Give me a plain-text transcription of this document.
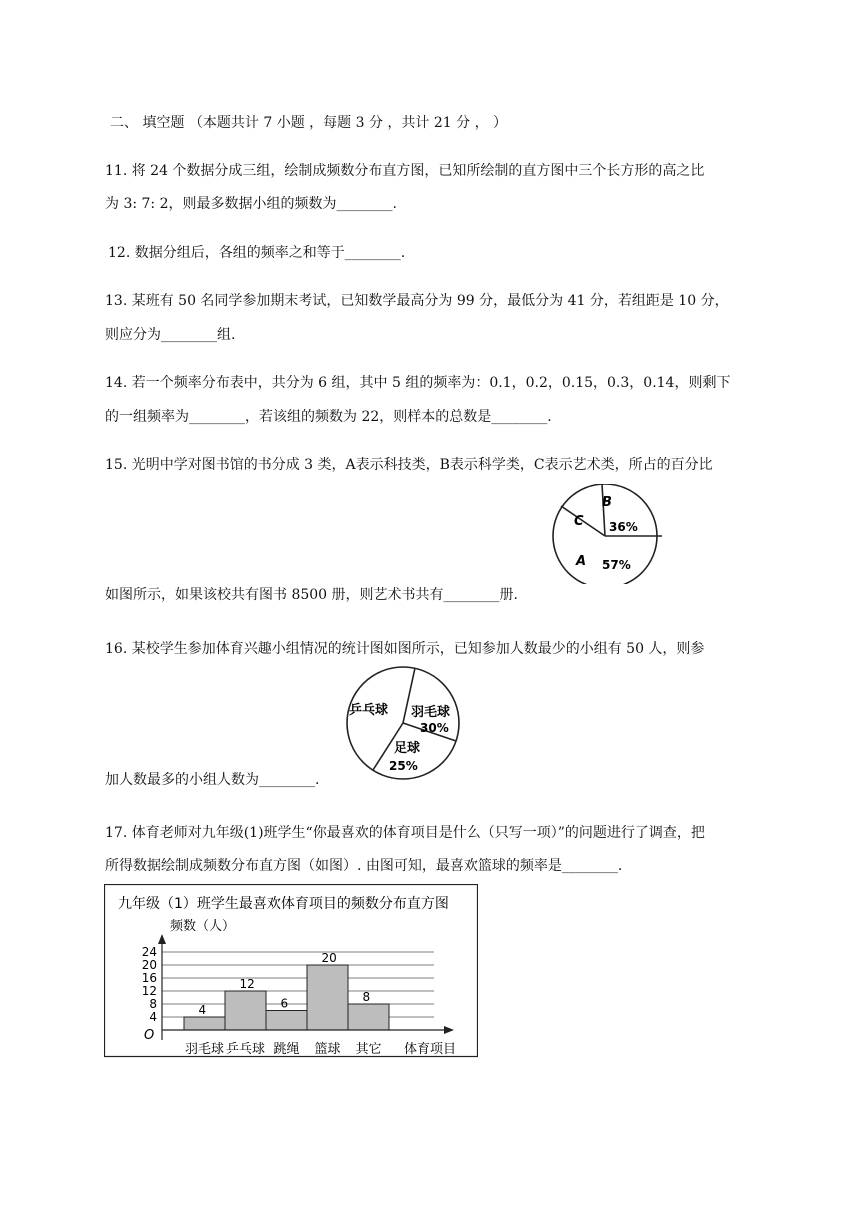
二、 填空题 （本题共计 7 小题 ，每题 3 分 ，共计 21 分 ， ）
11. 将 24 个数据分成三组，绘制成频数分布直方图，已知所绘制的直方图中三个长方形的高之比
为 3: 7: 2，则最多数据小组的频数为________.
12. 数据分组后，各组的频率之和等于________.
13. 某班有 50 名同学参加期末考试，已知数学最高分为 99 分，最低分为 41 分，若组距是 10 分，
则应分为________组.
14. 若一个频率分布表中，共分为 6 组，其中 5 组的频率为：0.1，0.2，0.15，0.3，0.14，则剩下
的一组频率为________，若该组的频数为 22，则样本的总数是________.
15. 光明中学对图书馆的书分成 3 类，A表示科技类，B表示科学类，C表示艺术类，所占的百分比
如图所示，如果该校共有图书 8500 册，则艺术书共有________册.
B
C 36%
A 57%
16. 某校学生参加体育兴趣小组情况的统计图如图所示，已知参加人数最少的小组有 50 人，则参
加人数最多的小组人数为________.
乒乓球 羽毛球
30%
足球
25%
17. 体育老师对九年级(1)班学生“你最喜欢的体育项目是什么（只写一项）”的问题进行了调查，把
所得数据绘制成频数分布直方图（如图）. 由图可知，最喜欢篮球的频率是________.
九年级（1）班学生最喜欢体育项目的频数分布直方图
频数（人）
4
12
6
20
8
4
8
12
16
20
24
羽毛球 乒乓球 跳绳 篮球 其它
O
体育项目
